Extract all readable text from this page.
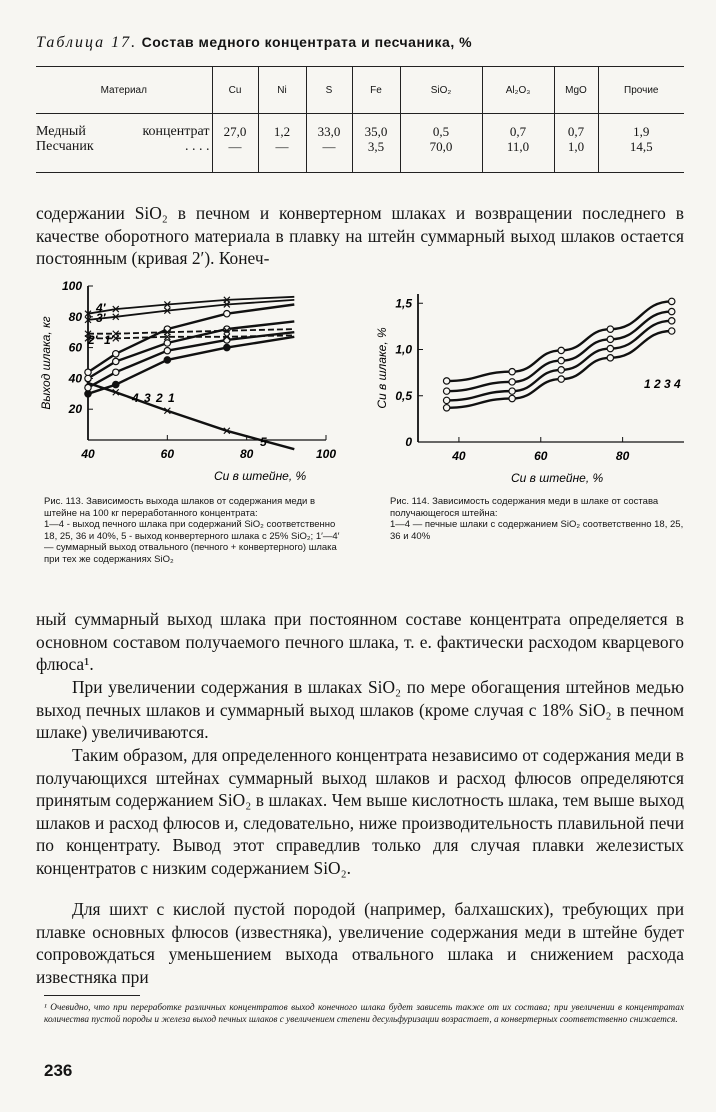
Таблица 17. Состав медного концентрата и песчаника, %
Материал	Cu	Ni	S	Fe	SiO₂	Al₂O₃	MgO	Прочие

Медный концентрат	27,0	1,2	33,0	35,0	0,5	0,7	0,7	1,9

Песчаник . . . .	—	—	—	3,5	70,0	11,0	1,0	14,5

содержании SiO₂ в печном и конвертерном шлаках и возвращении последнего в качестве оборотного материала в плавку на штейн суммарный выход шлаков остается постоянным (кривая 2′). Конеч-

20
40
60
80
100
40	60	80	100
Cu в штейне, %
Выход шлака, кг	4 3 2 1
5
4′
3′
2′ 1′

Рис. 113. Зависимость выхода шлаков от содержания меди в штейне на 100 кг переработанного концентрата:
1—4 - выход печного шлака при содержаний SiO₂ соответственно 18, 25, 36 и 40%, 5 - выход конвертерного шлака с 25% SiO₂; 1′—4′ — суммарный выход отвального (печного + конвертерного) шлака при тех же содержаниях SiO₂

0
0,5
1,0
1,5
40	60	80
Cu в штейне, %
Cu в шлаке, %	1 2 3 4

Рис. 114. Зависимость содержания меди в шлаке от состава получающегося штейна:
1—4 — печные шлаки с содержанием SiO₂ соответственно 18, 25, 36 и 40%

ный суммарный выход шлака при постоянном составе концентрата определяется в основном составом получаемого печного шлака, т. е. фактически расходом кварцевого флюса¹.

При увеличении содержания в шлаках SiO₂ по мере обогащения штейнов медью выход печных шлаков и суммарный выход шлаков (кроме случая с 18% SiO₂ в печном шлаке) увеличиваются.

Таким образом, для определенного концентрата независимо от содержания меди в получающихся штейнах суммарный выход шлаков и расход флюсов определяются принятым содержанием SiO₂ в шлаках. Чем выше кислотность шлака, тем выше выход шлаков и расход флюсов и, следовательно, ниже производительность плавильной печи по концентрату. Вывод этот справедлив только для случая плавки железистых концентратов с низким содержанием SiO₂.

Для шихт с кислой пустой породой (например, балхашских), требующих при плавке основных флюсов (известняка), увеличение содержания меди в штейне будет сопровождаться уменьшением выхода отвального шлака и снижением расхода известняка при

¹ Очевидно, что при переработке различных концентратов выход конечного шлака будет зависеть также от их состава; при увеличении в концентратах количества пустой породы и железа выход печных шлаков с увеличением степени десульфуризации возрастает, а конвертерных соответственно снижается.

236
